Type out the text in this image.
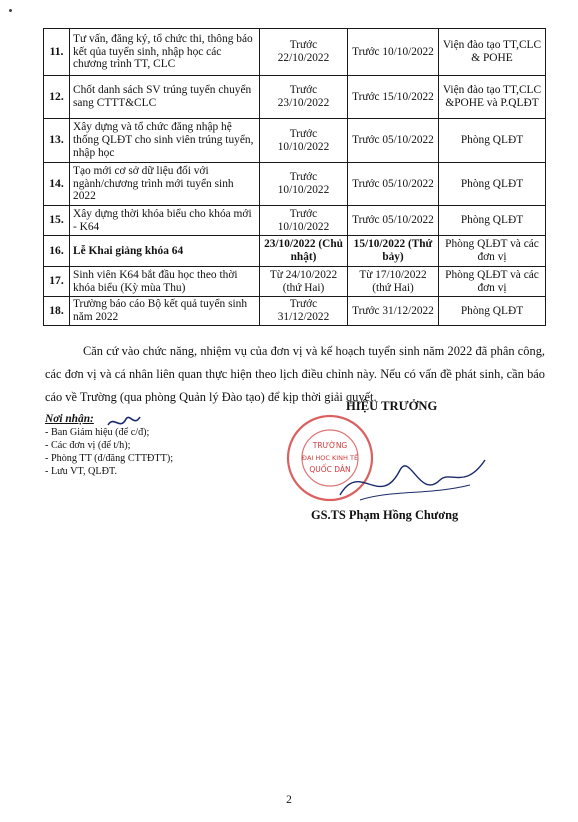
11.	Tư vấn, đăng ký, tổ chức thi, thông báo kết qủa tuyển sinh, nhập học các chương trình TT, CLC	Trước 22/10/2022	Trước 10/10/2022	Viện đào tạo TT,CLC & POHE
12.	Chốt danh sách SV trúng tuyển chuyển sang CTTT&CLC	Trước 23/10/2022	Trước 15/10/2022	Viện đào tạo TT,CLC &POHE và P.QLĐT
13.	Xây dựng và tổ chức đăng nhập hệ thống QLĐT cho sinh viên trúng tuyển, nhập học	Trước 10/10/2022	Trước 05/10/2022	Phòng QLĐT
14.	Tạo mới cơ sở dữ liệu đối với ngành/chương trình mới tuyển sinh 2022	Trước 10/10/2022	Trước 05/10/2022	Phòng QLĐT
15.	Xây dựng thời khóa biểu cho khóa mới - K64	Trước 10/10/2022	Trước 05/10/2022	Phòng QLĐT
16.	Lễ Khai giảng khóa 64	23/10/2022 (Chủ nhật)	15/10/2022 (Thứ bảy)	Phòng QLĐT và các đơn vị
17.	Sinh viên K64 bắt đầu học theo thời khóa biểu (Kỳ mùa Thu)	Từ 24/10/2022 (thứ Hai)	Từ 17/10/2022 (thứ Hai)	Phòng QLĐT và các đơn vị
18.	Trường báo cáo Bộ kết quả tuyển sinh năm 2022	Trước 31/12/2022	Trước 31/12/2022	Phòng QLĐT

Căn cứ vào chức năng, nhiệm vụ của đơn vị và kế hoạch tuyển sinh năm 2022 đã phân công, các đơn vị và cá nhân liên quan thực hiện theo lịch điều chỉnh này. Nếu có vấn đề phát sinh, cần báo cáo về Trường (qua phòng Quản lý Đào tạo) để kịp thời giải quyết.

Nơi nhận:
- Ban Giám hiệu (để c/đ);
- Các đơn vị (để t/h);
- Phòng TT (đ/đăng CTTĐTT);
- Lưu VT, QLĐT.
HIỆU TRƯỞNG
TRƯỜNG
ĐẠI HỌC KINH TẾ
QUỐC DÂN
GS.TS Phạm Hồng Chương
2
